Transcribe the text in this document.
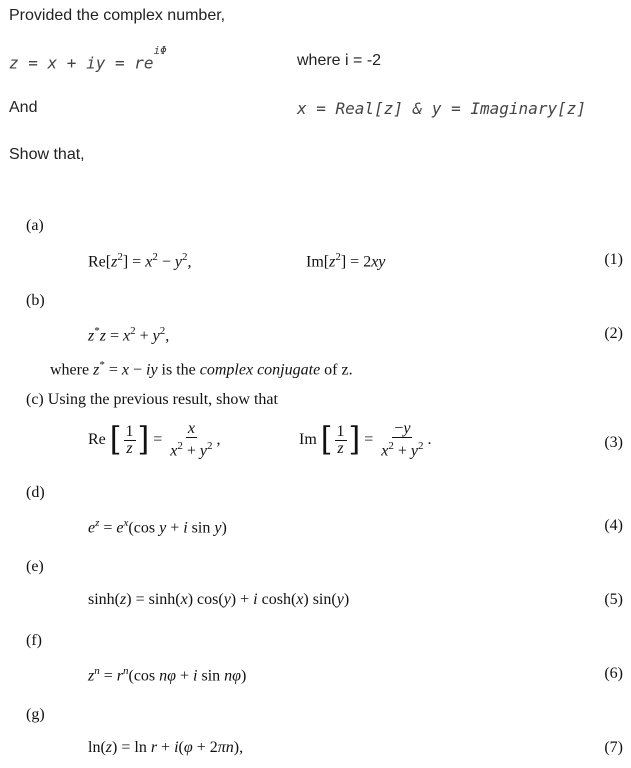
Provided the complex number,
z = x + iy = $re^{i\Phi}$
where i = -2
And	x = Real[z] & y = Imaginary[z]
Show that,
(a)
$Re[z^2] = x^2 - y^2$,	$Im[z^2] = 2xy$	(1)
(b)
$z^*z = x^2 + y^2$,	(2)
where z* = x − iy is the complex conjugate of z.
(c) Using the previous result, show that
Re [ $\frac{1}{z}$ ] = $\frac{x}{x^2 + y^2}$ ,	Im [ $\frac{1}{z}$ ] = $\frac{-y}{x^2 + y^2}$ .	(3)
(d)
$e^z = e^x(\cos$ y + i sin y)	(4)
(e)
sinh(z) = sinh(x) cos(y) + i cosh(x) sin(y)	(5)
(f)
$z^n = r^n(\cos$ nφ + i sin nφ)	(6)
(g)
ln(z) = ln r + i(φ + 2πn),	(7)
